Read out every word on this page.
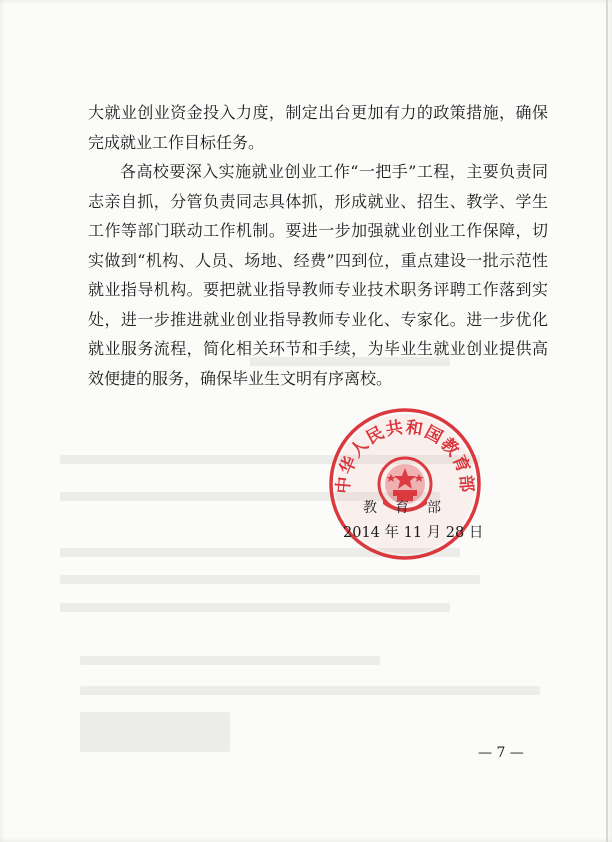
大就业创业资金投入力度，制定出台更加有力的政策措施，确保完成就业工作目标任务。

各高校要深入实施就业创业工作“一把手”工程，主要负责同志亲自抓，分管负责同志具体抓，形成就业、招生、教学、学生工作等部门联动工作机制。要进一步加强就业创业工作保障，切实做到“机构、人员、场地、经费”四到位，重点建设一批示范性就业指导机构。要把就业指导教师专业技术职务评聘工作落到实处，进一步推进就业创业指导教师专业化、专家化。进一步优化就业服务流程，简化相关环节和手续，为毕业生就业创业提供高效便捷的服务，确保毕业生文明有序离校。

中华人民共和国教育部
教育部
2014 年 11 月 28 日
— 7 —
